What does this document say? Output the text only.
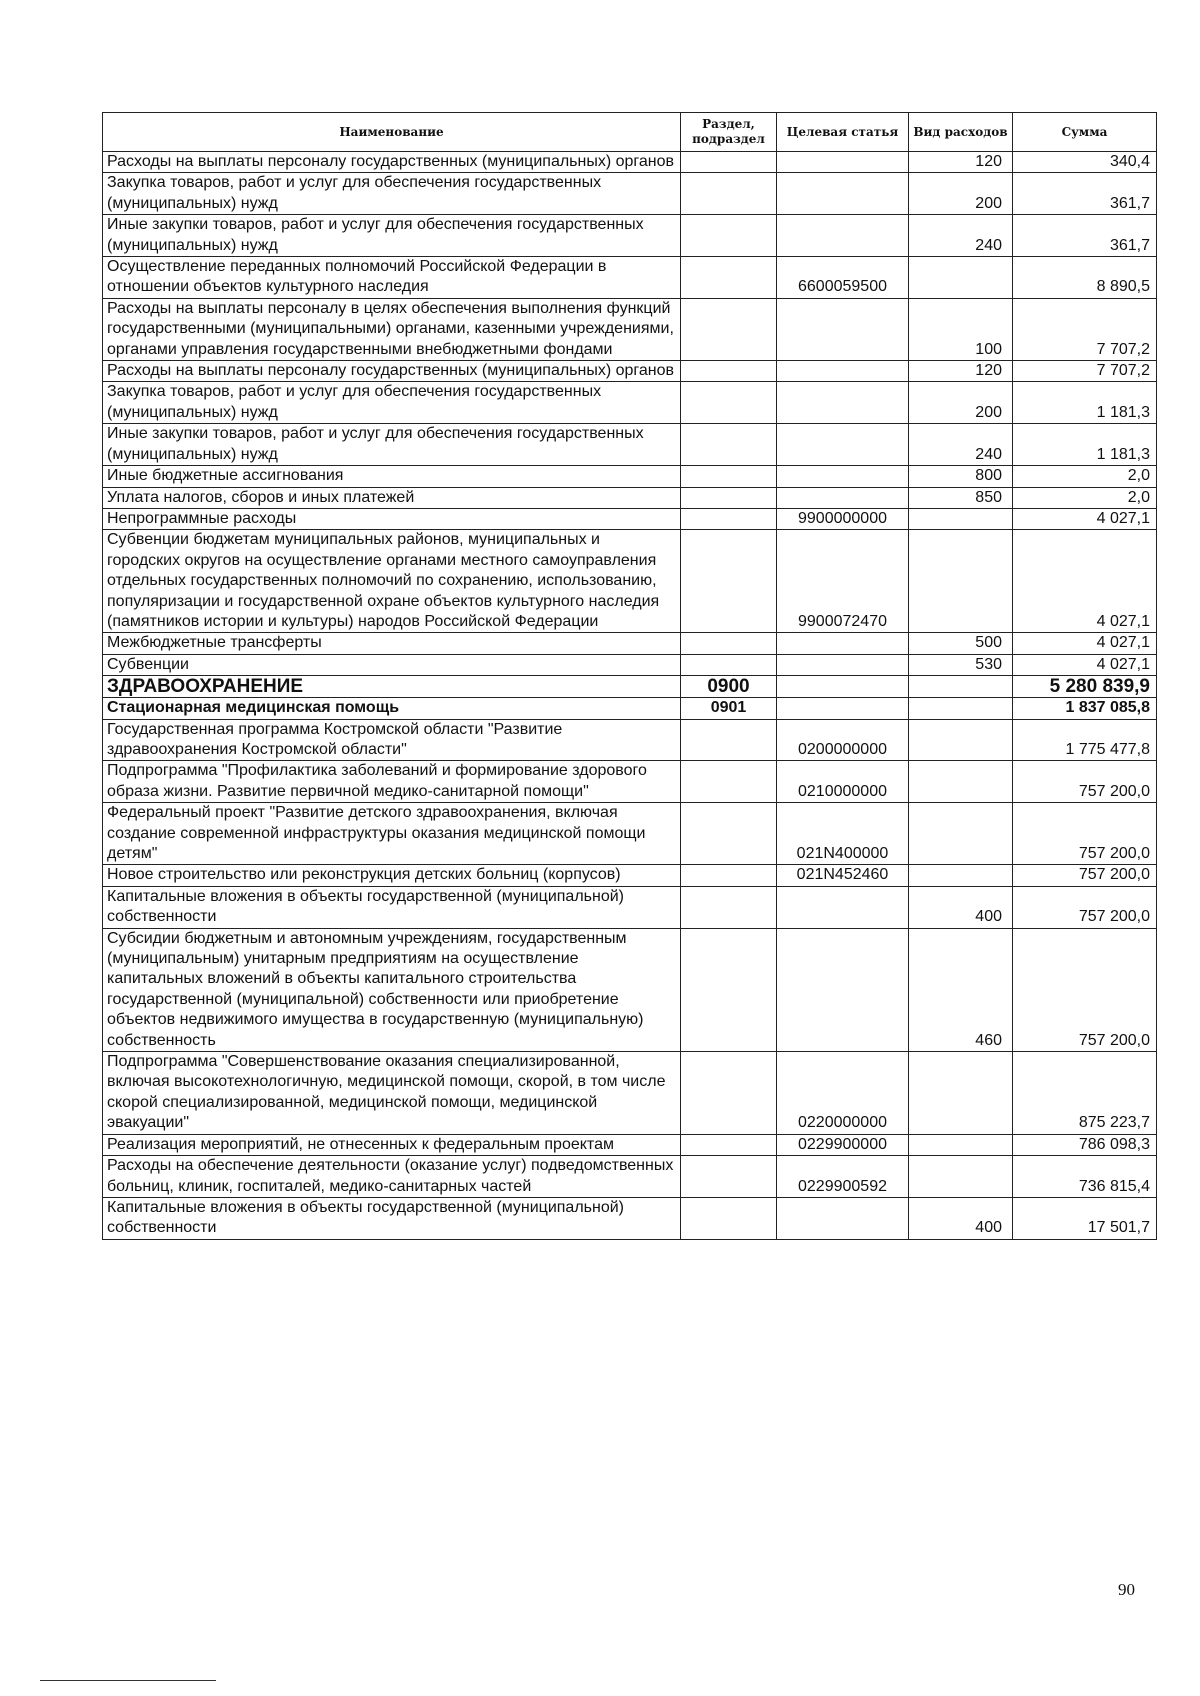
Наименование	Раздел, подраздел	Целевая статья	Вид расходов	Сумма
Расходы на выплаты персоналу государственных (муниципальных) органов			120	340,4
Закупка товаров, работ и услуг для обеспечения государственных (муниципальных) нужд			200	361,7
Иные закупки товаров, работ и услуг для обеспечения государственных (муниципальных) нужд			240	361,7
Осуществление переданных полномочий Российской Федерации в отношении объектов культурного наследия		6600059500		8 890,5
Расходы на выплаты персоналу в целях обеспечения выполнения функций государственными (муниципальными) органами, казенными учреждениями, органами управления государственными внебюджетными фондами			100	7 707,2
Расходы на выплаты персоналу государственных (муниципальных) органов			120	7 707,2
Закупка товаров, работ и услуг для обеспечения государственных (муниципальных) нужд			200	1 181,3
Иные закупки товаров, работ и услуг для обеспечения государственных (муниципальных) нужд			240	1 181,3
Иные бюджетные ассигнования			800	2,0
Уплата налогов, сборов и иных платежей			850	2,0
Непрограммные расходы		9900000000		4 027,1
Субвенции бюджетам муниципальных районов, муниципальных и городских округов на осуществление органами местного самоуправления отдельных государственных полномочий по сохранению, использованию, популяризации и государственной охране объектов культурного наследия (памятников истории и культуры) народов Российской Федерации		9900072470		4 027,1
Межбюджетные трансферты			500	4 027,1
Субвенции			530	4 027,1
ЗДРАВООХРАНЕНИЕ	0900			5 280 839,9
Стационарная медицинская помощь	0901			1 837 085,8
Государственная программа Костромской области "Развитие здравоохранения Костромской области"		0200000000		1 775 477,8
Подпрограмма "Профилактика заболеваний и формирование здорового образа жизни. Развитие первичной медико-санитарной помощи"		0210000000		757 200,0
Федеральный проект "Развитие детского здравоохранения, включая создание современной инфраструктуры оказания медицинской помощи детям"		021N400000		757 200,0
Новое строительство или реконструкция детских больниц (корпусов)		021N452460		757 200,0
Капитальные вложения в объекты государственной (муниципальной) собственности			400	757 200,0
Субсидии бюджетным и автономным учреждениям, государственным (муниципальным) унитарным предприятиям на осуществление капитальных вложений в объекты капитального строительства государственной (муниципальной) собственности или приобретение объектов недвижимого имущества в государственную (муниципальную) собственность			460	757 200,0
Подпрограмма "Совершенствование оказания специализированной, включая высокотехнологичную, медицинской помощи, скорой, в том числе скорой специализированной, медицинской помощи, медицинской эвакуации"		0220000000		875 223,7
Реализация мероприятий, не отнесенных к федеральным проектам		0229900000		786 098,3
Расходы на обеспечение деятельности (оказание услуг) подведомственных больниц, клиник, госпиталей, медико-санитарных частей		0229900592		736 815,4
Капитальные вложения в объекты государственной (муниципальной) собственности			400	17 501,7
90
